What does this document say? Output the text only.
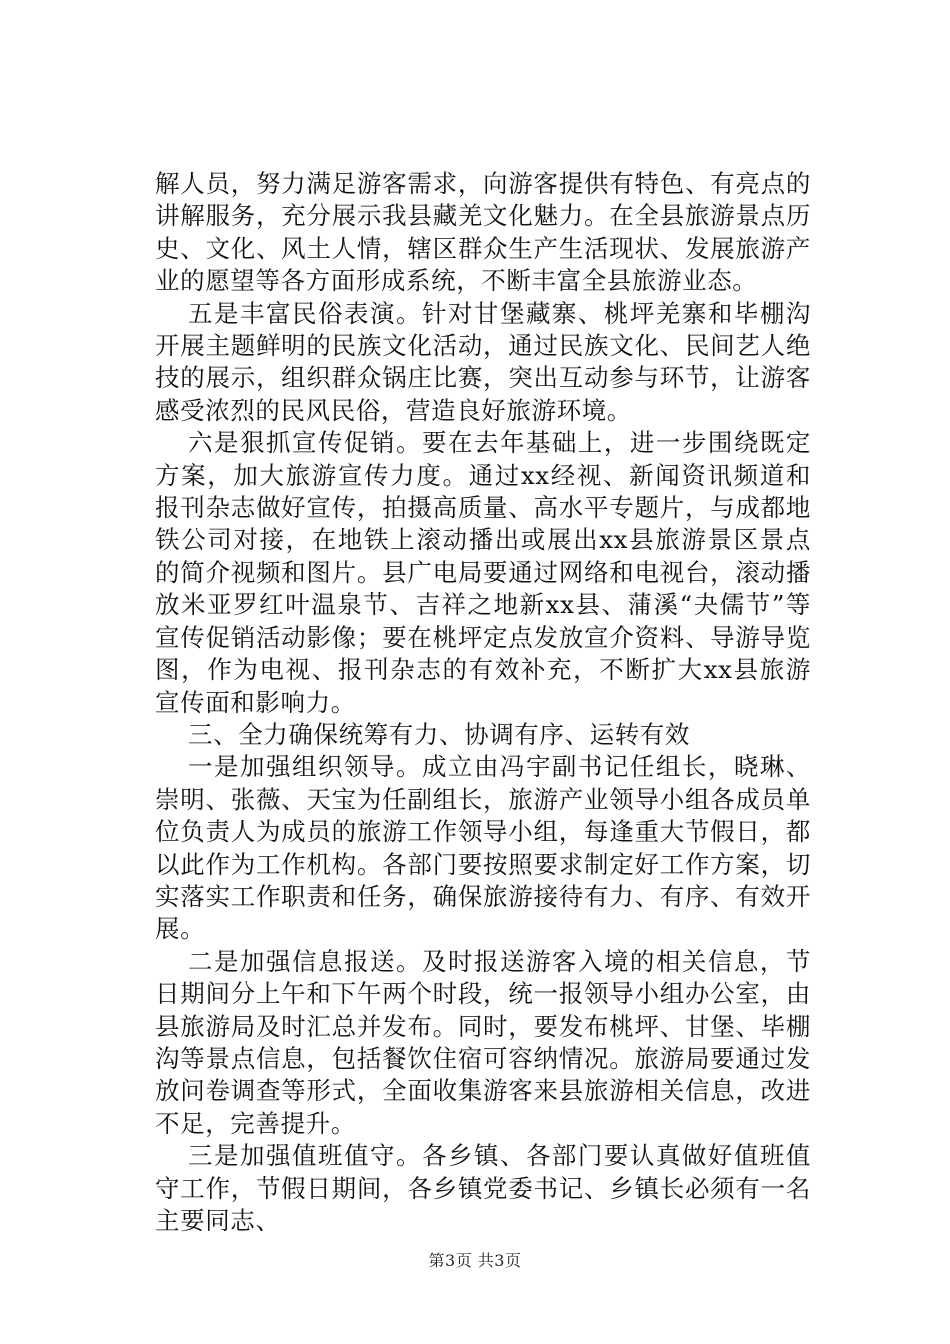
解人员，努力满足游客需求，向游客提供有特色、有亮点的讲解服务，充分展示我县藏羌文化魅力。在全县旅游景点历史、文化、风土人情，辖区群众生产生活现状、发展旅游产业的愿望等各方面形成系统，不断丰富全县旅游业态。

五是丰富民俗表演。针对甘堡藏寨、桃坪羌寨和毕棚沟开展主题鲜明的民族文化活动，通过民族文化、民间艺人绝技的展示，组织群众锅庄比赛，突出互动参与环节，让游客感受浓烈的民风民俗，营造良好旅游环境。

六是狠抓宣传促销。要在去年基础上，进一步围绕既定方案，加大旅游宣传力度。通过xx经视、新闻资讯频道和报刊杂志做好宣传，拍摄高质量、高水平专题片，与成都地铁公司对接，在地铁上滚动播出或展出xx县旅游景区景点的简介视频和图片。县广电局要通过网络和电视台，滚动播放米亚罗红叶温泉节、吉祥之地新xx县、蒲溪“夬儒节”等宣传促销活动影像；要在桃坪定点发放宣介资料、导游导览图，作为电视、报刊杂志的有效补充，不断扩大xx县旅游宣传面和影响力。

三、全力确保统筹有力、协调有序、运转有效

一是加强组织领导。成立由冯宇副书记任组长，晓琳、崇明、张薇、天宝为任副组长，旅游产业领导小组各成员单位负责人为成员的旅游工作领导小组，每逢重大节假日，都以此作为工作机构。各部门要按照要求制定好工作方案，切实落实工作职责和任务，确保旅游接待有力、有序、有效开展。

二是加强信息报送。及时报送游客入境的相关信息，节日期间分上午和下午两个时段，统一报领导小组办公室，由县旅游局及时汇总并发布。同时，要发布桃坪、甘堡、毕棚沟等景点信息，包括餐饮住宿可容纳情况。旅游局要通过发放问卷调查等形式，全面收集游客来县旅游相关信息，改进不足，完善提升。

三是加强值班值守。各乡镇、各部门要认真做好值班值守工作，节假日期间，各乡镇党委书记、乡镇长必须有一名主要同志、

第3页 共3页
